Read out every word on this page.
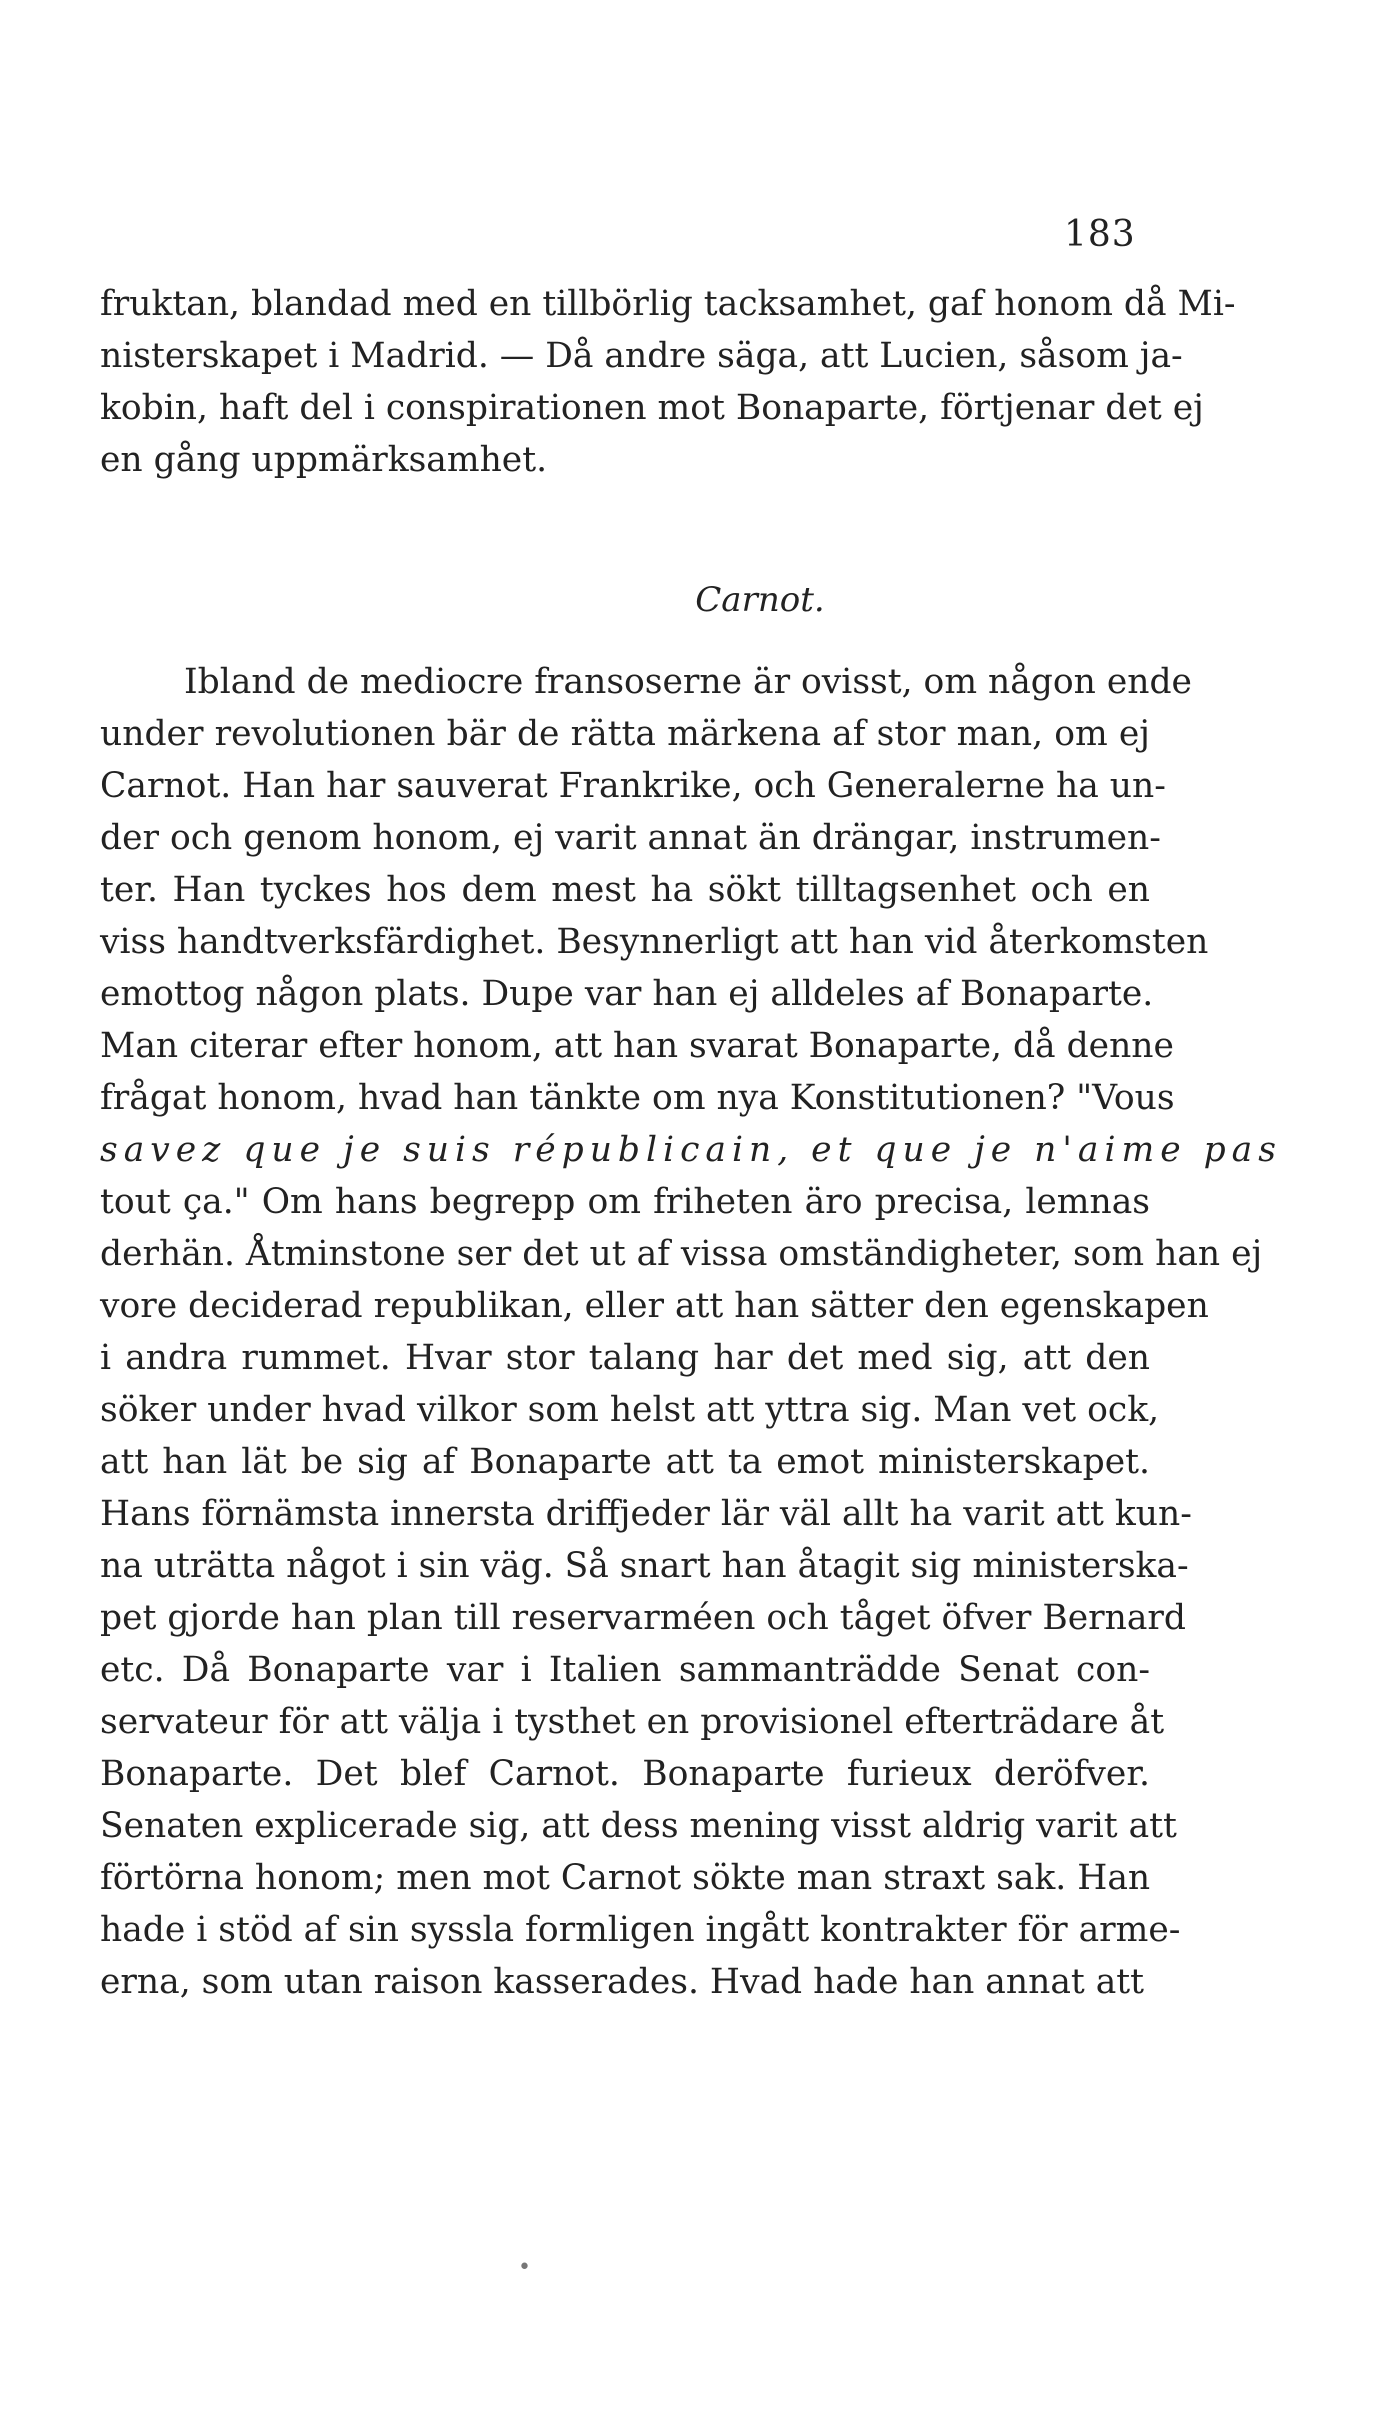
183
fruktan, blandad med en tillbörlig tacksamhet, gaf honom då Mi-
nisterskapet i Madrid. — Då andre säga, att Lucien, såsom ja-
kobin, haft del i conspirationen mot Bonaparte, förtjenar det ej
en gång uppmärksamhet.
Carnot.
Ibland de mediocre fransoserne är ovisst, om någon ende
under revolutionen bär de rätta märkena af stor man, om ej
Carnot. Han har sauverat Frankrike, och Generalerne ha un-
der och genom honom, ej varit annat än drängar, instrumen-
ter. Han tyckes hos dem mest ha sökt tilltagsenhet och en
viss handtverksfärdighet. Besynnerligt att han vid återkomsten
emottog någon plats. Dupe var han ej alldeles af Bonaparte.
Man citerar efter honom, att han svarat Bonaparte, då denne
frågat honom, hvad han tänkte om nya Konstitutionen? "Vous
savez que je suis républicain, et que je n'aime pas
tout ça." Om hans begrepp om friheten äro precisa, lemnas
derhän. Åtminstone ser det ut af vissa omständigheter, som han ej
vore deciderad republikan, eller att han sätter den egenskapen
i andra rummet. Hvar stor talang har det med sig, att den
söker under hvad vilkor som helst att yttra sig. Man vet ock,
att han lät be sig af Bonaparte att ta emot ministerskapet.
Hans förnämsta innersta driffjeder lär väl allt ha varit att kun-
na uträtta något i sin väg. Så snart han åtagit sig ministerska-
pet gjorde han plan till reservarméen och tåget öfver Bernard
etc. Då Bonaparte var i Italien sammanträdde Senat con-
servateur för att välja i tysthet en provisionel efterträdare åt
Bonaparte. Det blef Carnot. Bonaparte furieux deröfver.
Senaten explicerade sig, att dess mening visst aldrig varit att
förtörna honom; men mot Carnot sökte man straxt sak. Han
hade i stöd af sin syssla formligen ingått kontrakter för arme-
erna, som utan raison kasserades. Hvad hade han annat att
•
